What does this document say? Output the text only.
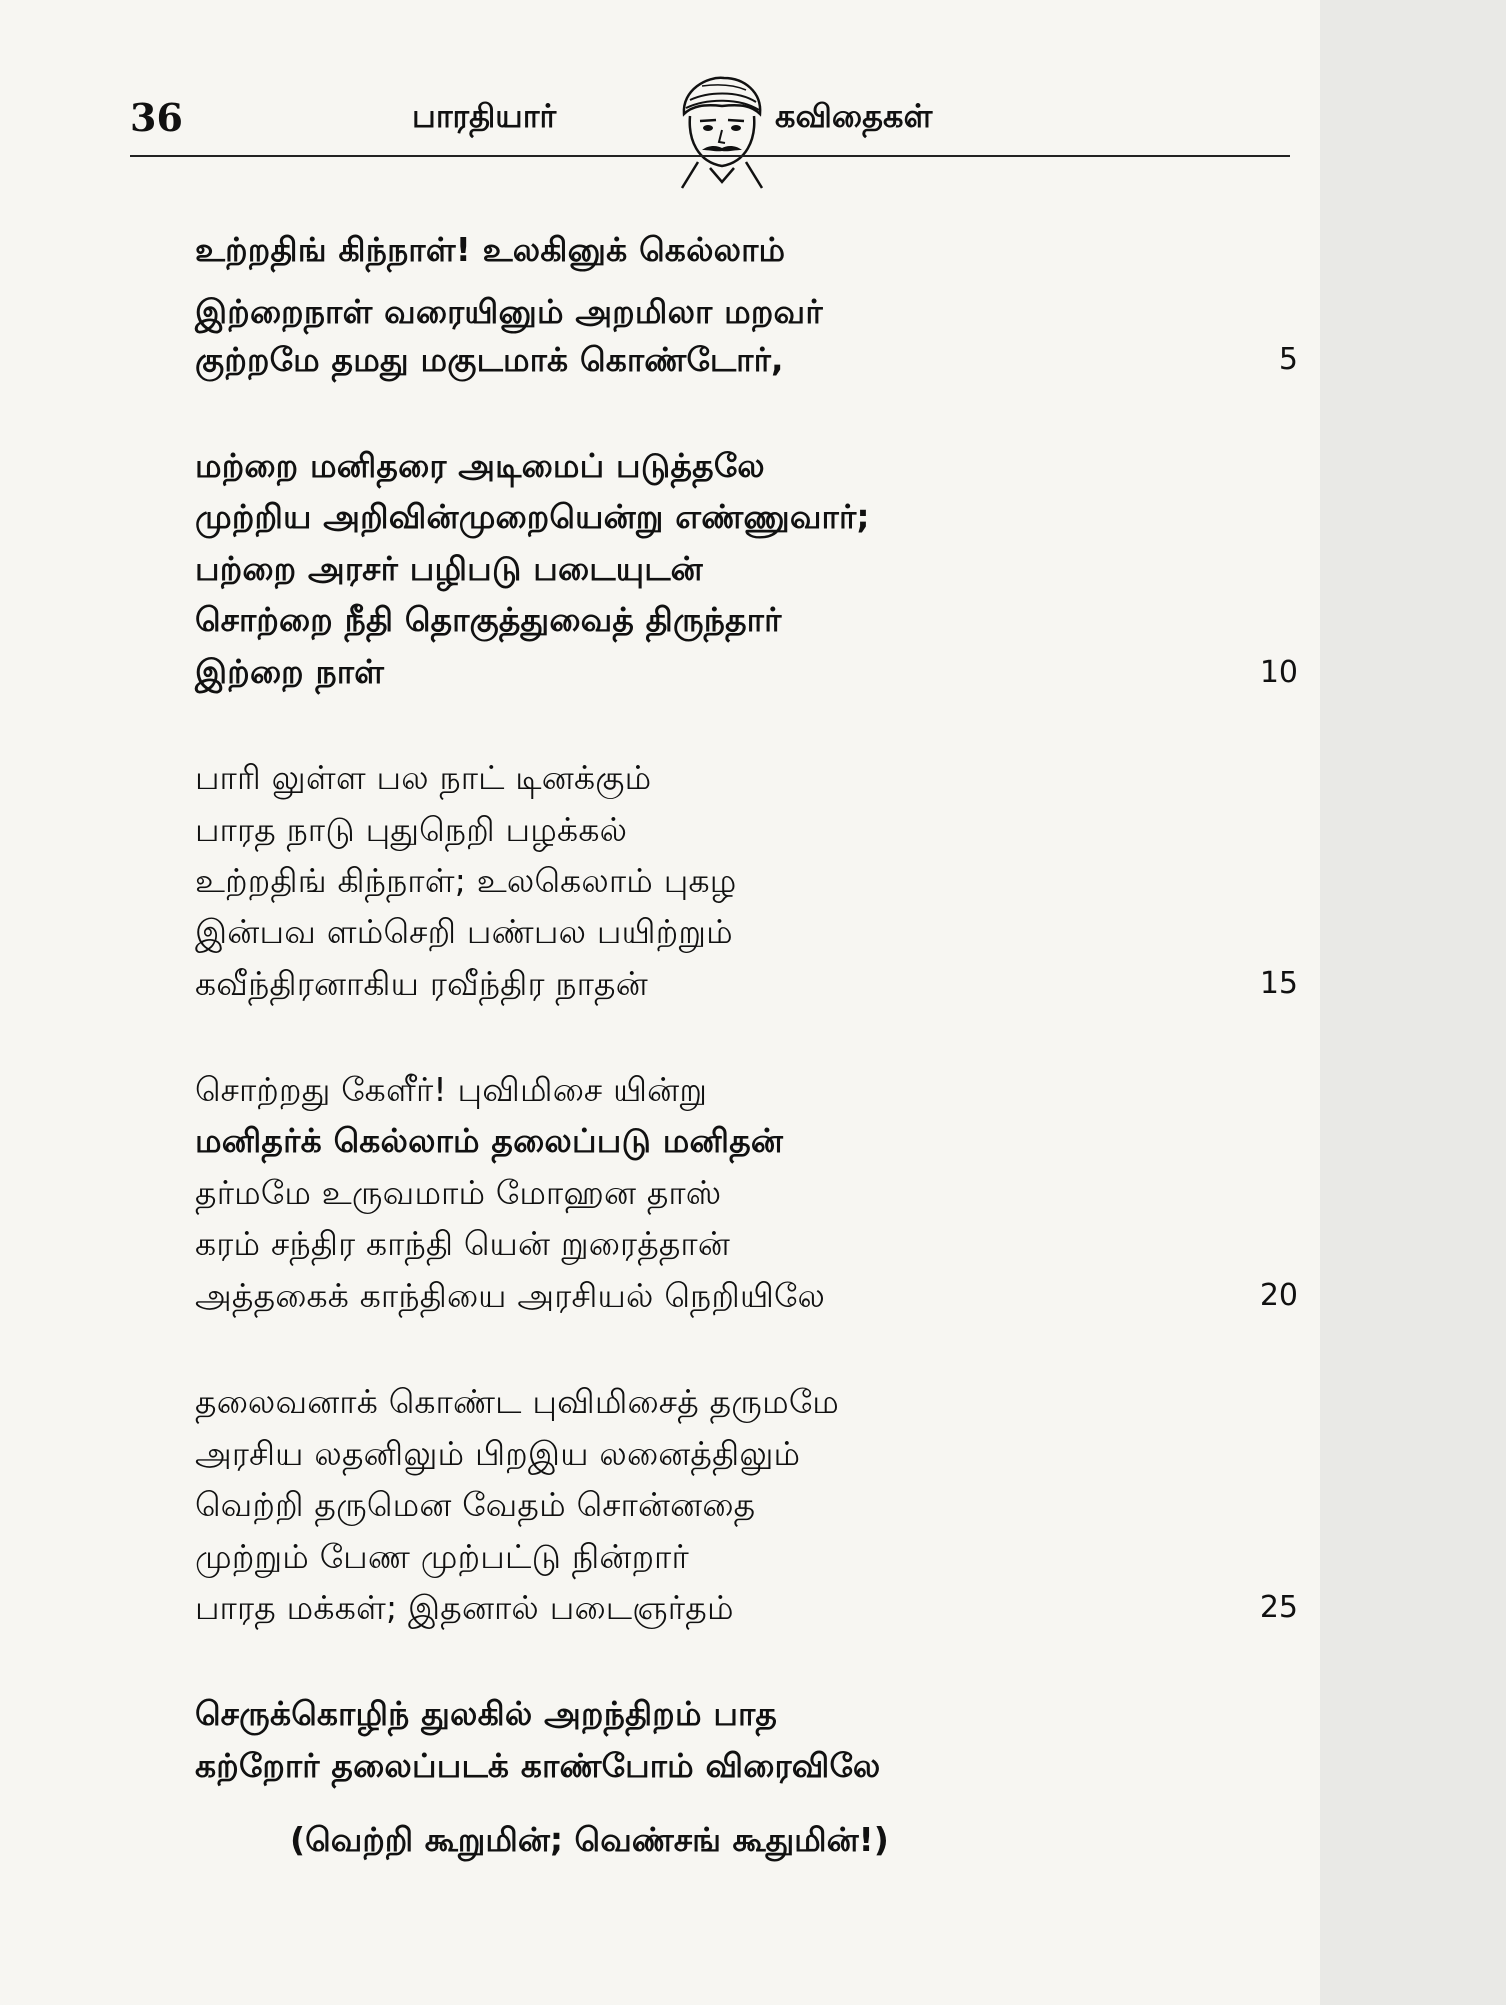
36	பாரதியார்	கவிதைகள்
உற்றதிங் கிந்நாள்! உலகினுக் கெல்லாம்
இற்றைநாள் வரையினும் அறமிலா மறவர்
குற்றமே தமது மகுடமாக் கொண்டோர்,	5
மற்றை மனிதரை அடிமைப் படுத்தலே
முற்றிய அறிவின்முறையென்று எண்ணுவார்;
பற்றை அரசர் பழிபடு படையுடன்
சொற்றை நீதி தொகுத்துவைத் திருந்தார்
இற்றை நாள்	10
பாரி லுள்ள பல நாட் டினக்கும்
பாரத நாடு புதுநெறி பழக்கல்
உற்றதிங் கிந்நாள்; உலகெலாம் புகழ
இன்பவ ளம்செறி பண்பல பயிற்றும்
கவீந்திரனாகிய ரவீந்திர நாதன்	15
சொற்றது கேளீர்! புவிமிசை யின்று
மனிதர்க் கெல்லாம் தலைப்படு மனிதன்
தர்மமே உருவமாம் மோஹன தாஸ்
கரம் சந்திர காந்தி யென் றுரைத்தான்
அத்தகைக் காந்தியை அரசியல் நெறியிலே	20
தலைவனாக் கொண்ட புவிமிசைத் தருமமே
அரசிய லதனிலும் பிறஇய லனைத்திலும்
வெற்றி தருமென வேதம் சொன்னதை
முற்றும் பேண முற்பட்டு நின்றார்
பாரத மக்கள்; இதனால் படைஞர்தம்	25
செருக்கொழிந் துலகில் அறந்திறம் பாத
கற்றோர் தலைப்படக் காண்போம் விரைவிலே
(வெற்றி கூறுமின்; வெண்சங் கூதுமின்!)
